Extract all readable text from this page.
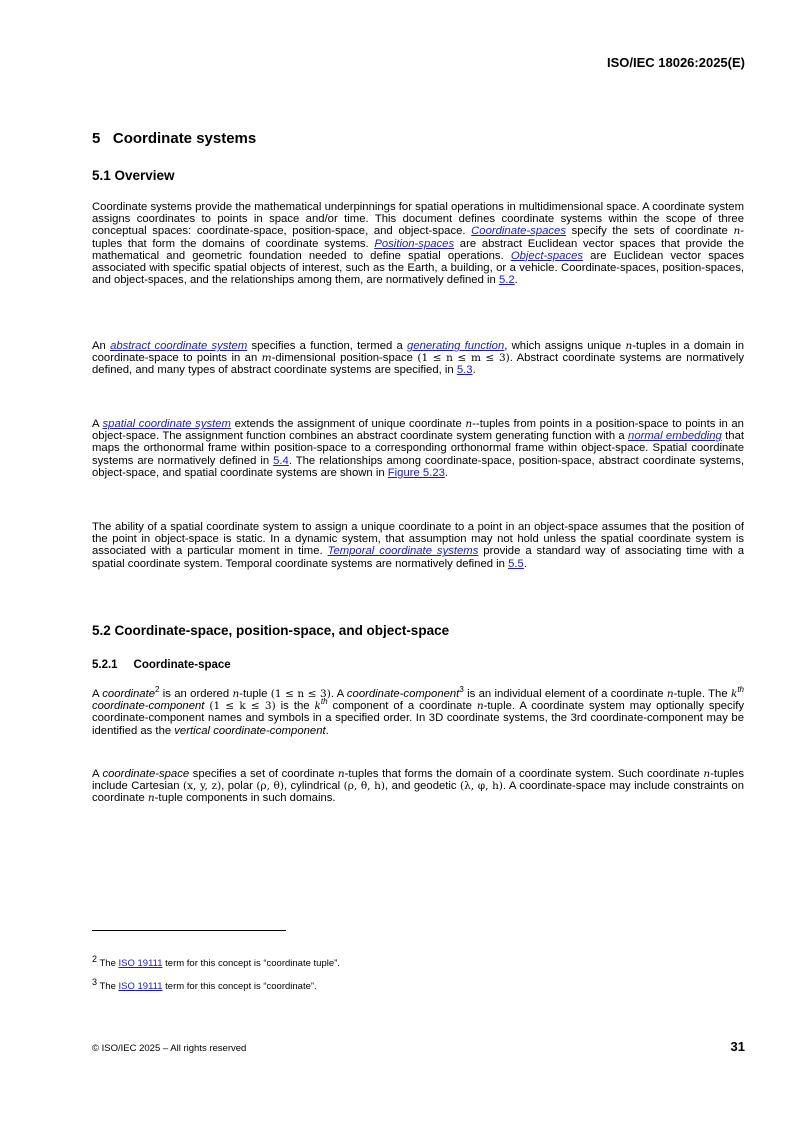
ISO/IEC 18026:2025(E)
5 Coordinate systems
5.1 Overview
Coordinate systems provide the mathematical underpinnings for spatial operations in multidimensional space. A coordinate system assigns coordinates to points in space and/or time. This document defines coordinate systems within the scope of three conceptual spaces: coordinate-space, position-space, and object-space. Coordinate-spaces specify the sets of coordinate n-tuples that form the domains of coordinate systems. Position-spaces are abstract Euclidean vector spaces that provide the mathematical and geometric foundation needed to define spatial operations. Object-spaces are Euclidean vector spaces associated with specific spatial objects of interest, such as the Earth, a building, or a vehicle. Coordinate-spaces, position-spaces, and object-spaces, and the relationships among them, are normatively defined in 5.2.
An abstract coordinate system specifies a function, termed a generating function, which assigns unique n-tuples in a domain in coordinate-space to points in an m-dimensional position-space (1 ≤ n ≤ m ≤ 3). Abstract coordinate systems are normatively defined, and many types of abstract coordinate systems are specified, in 5.3.
A spatial coordinate system extends the assignment of unique coordinate n--tuples from points in a position-space to points in an object-space. The assignment function combines an abstract coordinate system generating function with a normal embedding that maps the orthonormal frame within position-space to a corresponding orthonormal frame within object-space. Spatial coordinate systems are normatively defined in 5.4. The relationships among coordinate-space, position-space, abstract coordinate systems, object-space, and spatial coordinate systems are shown in Figure 5.23.
The ability of a spatial coordinate system to assign a unique coordinate to a point in an object-space assumes that the position of the point in object-space is static. In a dynamic system, that assumption may not hold unless the spatial coordinate system is associated with a particular moment in time. Temporal coordinate systems provide a standard way of associating time with a spatial coordinate system. Temporal coordinate systems are normatively defined in 5.5.
5.2 Coordinate-space, position-space, and object-space
5.2.1     Coordinate-space
A coordinate$^2$ is an ordered n-tuple (1 ≤ n ≤ 3). A coordinate-component$^3$ is an individual element of a coordinate n-tuple. The $k^{th}$ coordinate-component (1 ≤ k ≤ 3) is the $k^{th}$ component of a coordinate n-tuple. A coordinate system may optionally specify coordinate-component names and symbols in a specified order. In 3D coordinate systems, the 3rd coordinate-component may be identified as the vertical coordinate-component.
A coordinate-space specifies a set of coordinate n-tuples that forms the domain of a coordinate system. Such coordinate n-tuples include Cartesian (x, y, z), polar (ρ, θ), cylindrical (ρ, θ, h), and geodetic (λ, φ, h). A coordinate-space may include constraints on coordinate n-tuple components in such domains.
$^2$ The ISO 19111 term for this concept is “coordinate tuple”.
$^3$ The ISO 19111 term for this concept is “coordinate”.
© ISO/IEC 2025 – All rights reserved	31
